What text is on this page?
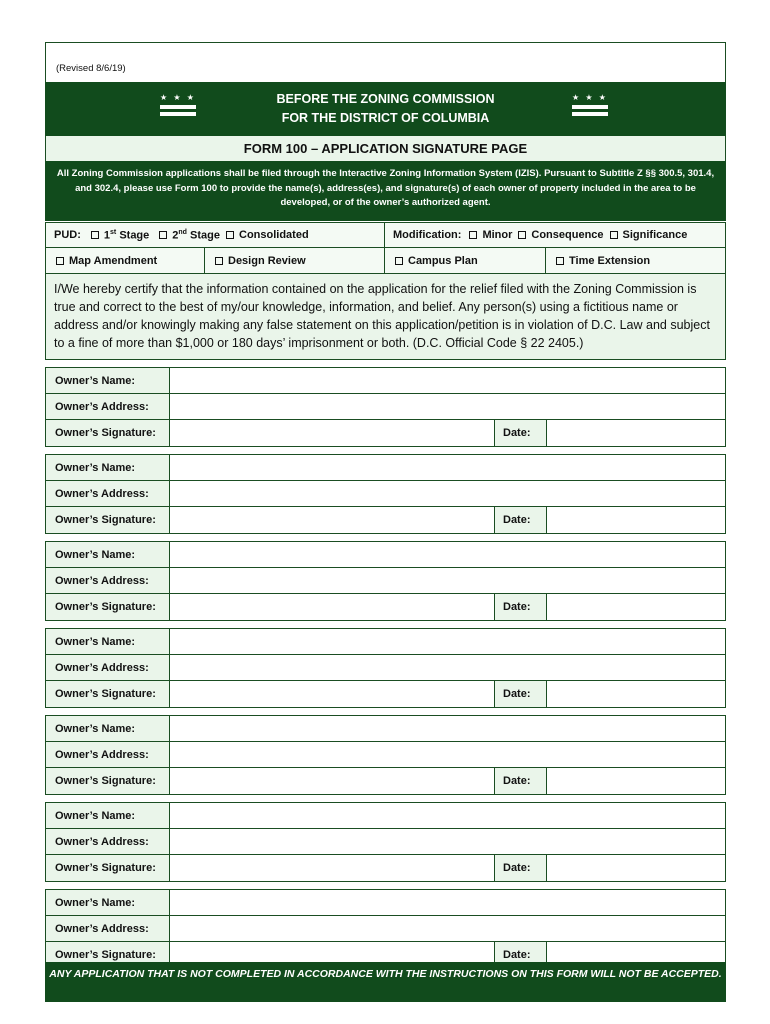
(Revised 8/6/19)
★ ★ ★	BEFORE THE ZONING COMMISSION
FOR THE DISTRICT OF COLUMBIA
★ ★ ★
FORM 100 – APPLICATION SIGNATURE PAGE
All Zoning Commission applications shall be filed through the Interactive Zoning Information System (IZIS). Pursuant to Subtitle Z §§ 300.5, 301.4, and 302.4, please use Form 100 to provide the name(s), address(es), and signature(s) of each owner of property included in the area to be developed, or of the owner’s authorized agent.
PUD: 1st Stage 2nd Stage Consolidated	Modification: Minor Consequence Significance
Map Amendment	Design Review	Campus Plan	Time Extension
I/We hereby certify that the information contained on the application for the relief filed with the Zoning Commission is true and correct to the best of my/our knowledge, information, and belief. Any person(s) using a fictitious name or address and/or knowingly making any false statement on this application/petition is in violation of D.C. Law and subject to a fine of more than $1,000 or 180 days’ imprisonment or both. (D.C. Official Code § 22 2405.)
Owner’s Name:
Owner’s Address:
Owner’s Signature:	Date:
Owner’s Name:
Owner’s Address:
Owner’s Signature:	Date:
Owner’s Name:
Owner’s Address:
Owner’s Signature:	Date:
Owner’s Name:
Owner’s Address:
Owner’s Signature:	Date:
Owner’s Name:
Owner’s Address:
Owner’s Signature:	Date:
Owner’s Name:
Owner’s Address:
Owner’s Signature:	Date:
Owner’s Name:
Owner’s Address:
Owner’s Signature:	Date:
ANY APPLICATION THAT IS NOT COMPLETED IN ACCORDANCE WITH THE INSTRUCTIONS ON THIS FORM WILL NOT BE ACCEPTED.
